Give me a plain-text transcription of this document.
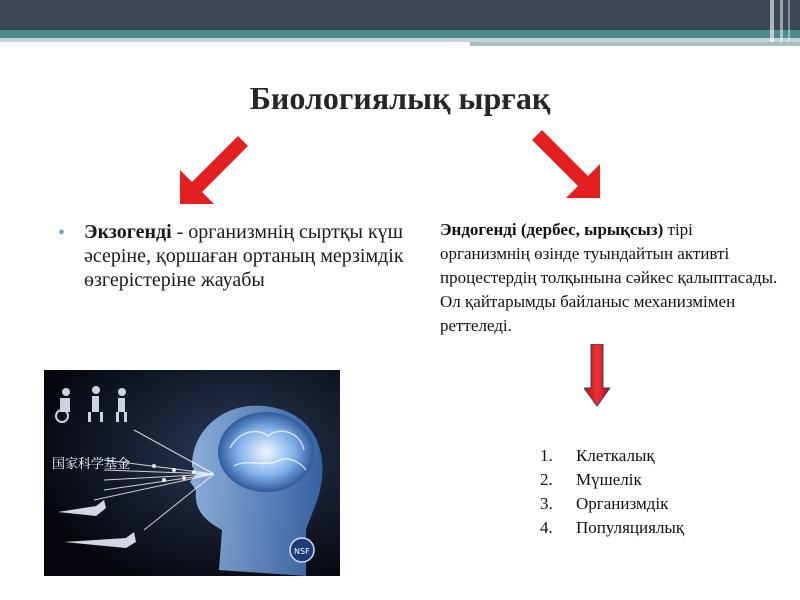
Биологиялық ырғақ
• Экзогенді - организмнің сыртқы күш әсеріне, қоршаған ортаның мерзімдік өзгерістеріне жауабы
Эндогенді (дербес, ырықсыз) тірі организмнің өзінде туындайтын активті процестердің толқынына сәйкес қалыптасады. Ол қайтарымды байланыс механизмімен реттеледі.
国家科学基金
NSF
1.	Клеткалық
2.	Мүшелік
3.	Организмдік
4.	Популяциялық
